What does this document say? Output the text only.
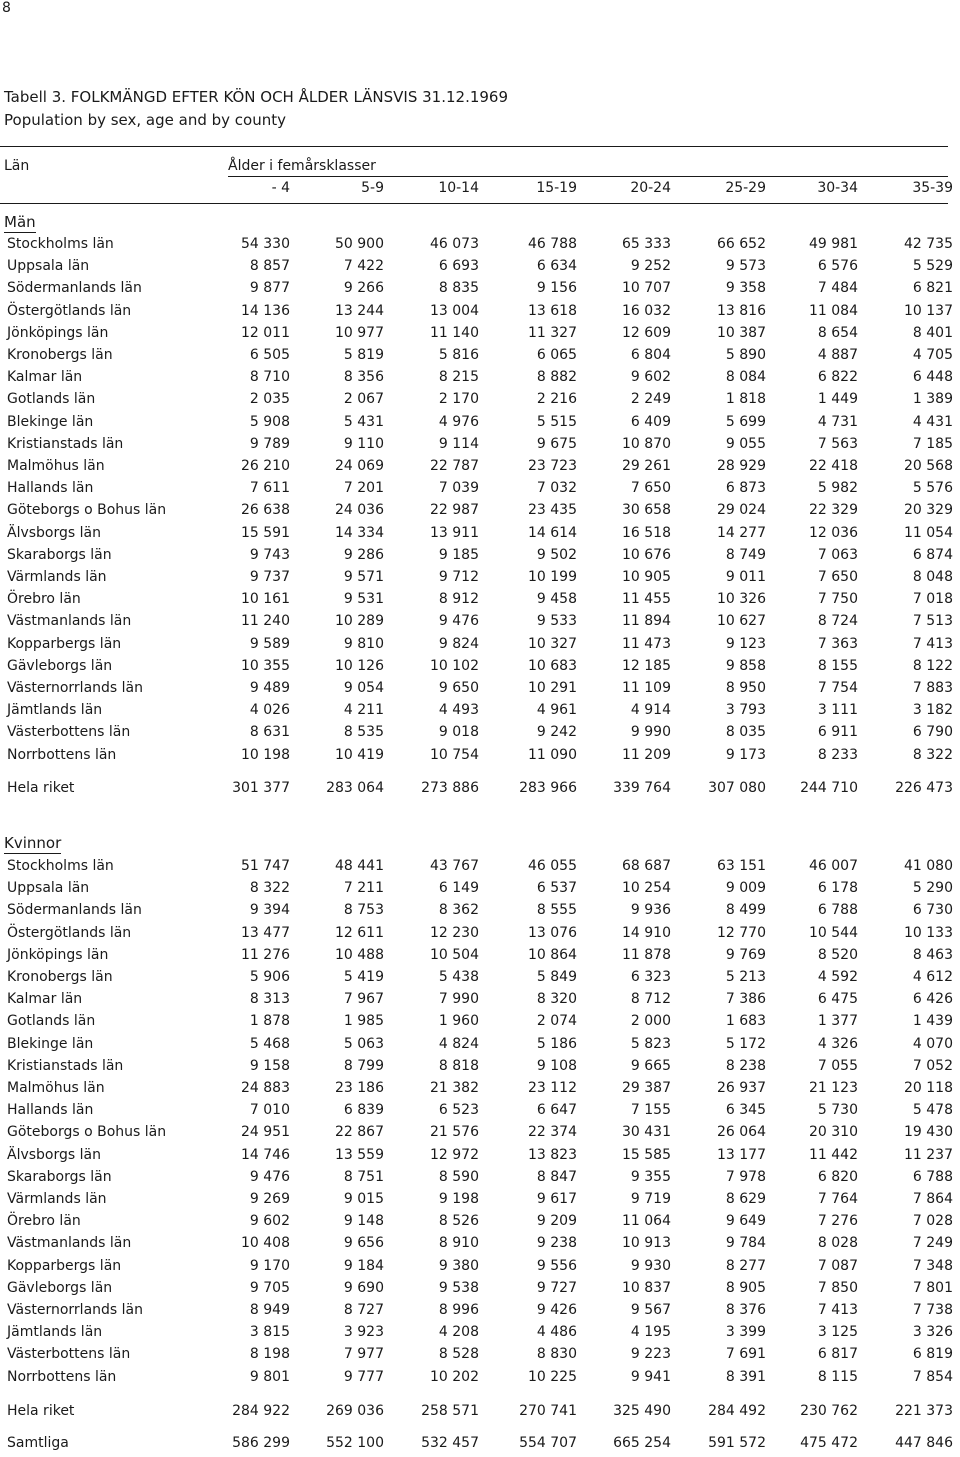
8
Tabell 3. FOLKMÄNGD EFTER KÖN OCH ÅLDER LÄNSVIS 31.12.1969
Population by sex, age and by county
Län	Ålder i femårsklasser
- 4	5-9	10-14	15-19	20-24	25-29	30-34	35-39
Män
Stockholms län	54 330	50 900	46 073	46 788	65 333	66 652	49 981	42 735
Uppsala län	8 857	7 422	6 693	6 634	9 252	9 573	6 576	5 529
Södermanlands län	9 877	9 266	8 835	9 156	10 707	9 358	7 484	6 821
Östergötlands län	14 136	13 244	13 004	13 618	16 032	13 816	11 084	10 137
Jönköpings län	12 011	10 977	11 140	11 327	12 609	10 387	8 654	8 401
Kronobergs län	6 505	5 819	5 816	6 065	6 804	5 890	4 887	4 705
Kalmar län	8 710	8 356	8 215	8 882	9 602	8 084	6 822	6 448
Gotlands län	2 035	2 067	2 170	2 216	2 249	1 818	1 449	1 389
Blekinge län	5 908	5 431	4 976	5 515	6 409	5 699	4 731	4 431
Kristianstads län	9 789	9 110	9 114	9 675	10 870	9 055	7 563	7 185
Malmöhus län	26 210	24 069	22 787	23 723	29 261	28 929	22 418	20 568
Hallands län	7 611	7 201	7 039	7 032	7 650	6 873	5 982	5 576
Göteborgs o Bohus län	26 638	24 036	22 987	23 435	30 658	29 024	22 329	20 329
Älvsborgs län	15 591	14 334	13 911	14 614	16 518	14 277	12 036	11 054
Skaraborgs län	9 743	9 286	9 185	9 502	10 676	8 749	7 063	6 874
Värmlands län	9 737	9 571	9 712	10 199	10 905	9 011	7 650	8 048
Örebro län	10 161	9 531	8 912	9 458	11 455	10 326	7 750	7 018
Västmanlands län	11 240	10 289	9 476	9 533	11 894	10 627	8 724	7 513
Kopparbergs län	9 589	9 810	9 824	10 327	11 473	9 123	7 363	7 413
Gävleborgs län	10 355	10 126	10 102	10 683	12 185	9 858	8 155	8 122
Västernorrlands län	9 489	9 054	9 650	10 291	11 109	8 950	7 754	7 883
Jämtlands län	4 026	4 211	4 493	4 961	4 914	3 793	3 111	3 182
Västerbottens län	8 631	8 535	9 018	9 242	9 990	8 035	6 911	6 790
Norrbottens län	10 198	10 419	10 754	11 090	11 209	9 173	8 233	8 322
Hela riket	301 377	283 064	273 886	283 966	339 764	307 080	244 710	226 473
Kvinnor
Stockholms län	51 747	48 441	43 767	46 055	68 687	63 151	46 007	41 080
Uppsala län	8 322	7 211	6 149	6 537	10 254	9 009	6 178	5 290
Södermanlands län	9 394	8 753	8 362	8 555	9 936	8 499	6 788	6 730
Östergötlands län	13 477	12 611	12 230	13 076	14 910	12 770	10 544	10 133
Jönköpings län	11 276	10 488	10 504	10 864	11 878	9 769	8 520	8 463
Kronobergs län	5 906	5 419	5 438	5 849	6 323	5 213	4 592	4 612
Kalmar län	8 313	7 967	7 990	8 320	8 712	7 386	6 475	6 426
Gotlands län	1 878	1 985	1 960	2 074	2 000	1 683	1 377	1 439
Blekinge län	5 468	5 063	4 824	5 186	5 823	5 172	4 326	4 070
Kristianstads län	9 158	8 799	8 818	9 108	9 665	8 238	7 055	7 052
Malmöhus län	24 883	23 186	21 382	23 112	29 387	26 937	21 123	20 118
Hallands län	7 010	6 839	6 523	6 647	7 155	6 345	5 730	5 478
Göteborgs o Bohus län	24 951	22 867	21 576	22 374	30 431	26 064	20 310	19 430
Älvsborgs län	14 746	13 559	12 972	13 823	15 585	13 177	11 442	11 237
Skaraborgs län	9 476	8 751	8 590	8 847	9 355	7 978	6 820	6 788
Värmlands län	9 269	9 015	9 198	9 617	9 719	8 629	7 764	7 864
Örebro län	9 602	9 148	8 526	9 209	11 064	9 649	7 276	7 028
Västmanlands län	10 408	9 656	8 910	9 238	10 913	9 784	8 028	7 249
Kopparbergs län	9 170	9 184	9 380	9 556	9 930	8 277	7 087	7 348
Gävleborgs län	9 705	9 690	9 538	9 727	10 837	8 905	7 850	7 801
Västernorrlands län	8 949	8 727	8 996	9 426	9 567	8 376	7 413	7 738
Jämtlands län	3 815	3 923	4 208	4 486	4 195	3 399	3 125	3 326
Västerbottens län	8 198	7 977	8 528	8 830	9 223	7 691	6 817	6 819
Norrbottens län	9 801	9 777	10 202	10 225	9 941	8 391	8 115	7 854
Hela riket	284 922	269 036	258 571	270 741	325 490	284 492	230 762	221 373
Samtliga	586 299	552 100	532 457	554 707	665 254	591 572	475 472	447 846
